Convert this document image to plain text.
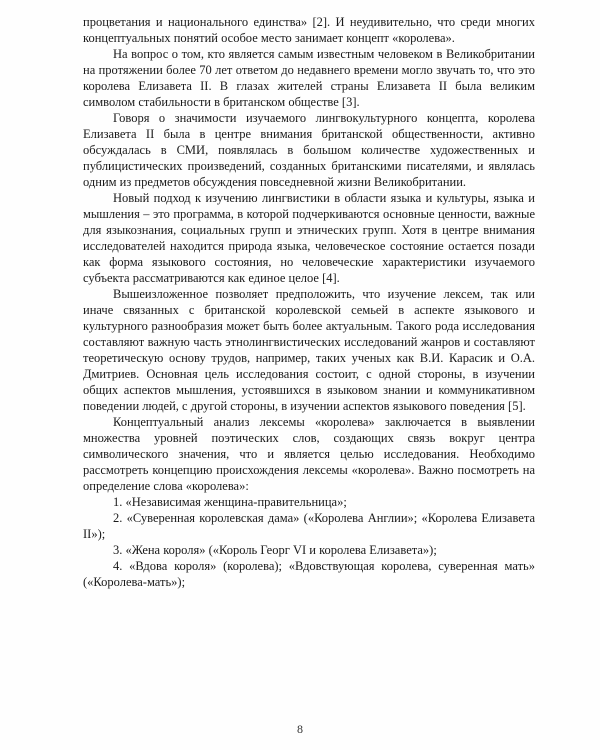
процветания и национального единства» [2]. И неудивительно, что среди многих концептуальных понятий особое место занимает концепт «королева».

На вопрос о том, кто является самым известным человеком в Великобритании на протяжении более 70 лет ответом до недавнего времени могло звучать то, что это королева Елизавета II. В глазах жителей страны Елизавета II была великим символом стабильности в британском обществе [3].

Говоря о значимости изучаемого лингвокультурного концепта, королева Елизавета II была в центре внимания британской общественности, активно обсуждалась в СМИ, появлялась в большом количестве художественных и публицистических произведений, созданных британскими писателями, и являлась одним из предметов обсуждения повседневной жизни Великобритании.

Новый подход к изучению лингвистики в области языка и культуры, языка и мышления – это программа, в которой подчеркиваются основные ценности, важные для языкознания, социальных групп и этнических групп. Хотя в центре внимания исследователей находится природа языка, человеческое состояние остается позади как форма языкового состояния, но человеческие характеристики изучаемого субъекта рассматриваются как единое целое [4].

Вышеизложенное позволяет предположить, что изучение лексем, так или иначе связанных с британской королевской семьей в аспекте языкового и культурного разнообразия может быть более актуальным. Такого рода исследования составляют важную часть этнолингвистических исследований жанров и составляют теоретическую основу трудов, например, таких ученых как В.И. Карасик и О.А. Дмитриев. Основная цель исследования состоит, с одной стороны, в изучении общих аспектов мышления, устоявшихся в языковом знании и коммуникативном поведении людей, с другой стороны, в изучении аспектов языкового поведения [5].

Концептуальный анализ лексемы «королева» заключается в выявлении множества уровней поэтических слов, создающих связь вокруг центра символического значения, что и является целью исследования. Необходимо рассмотреть концепцию происхождения лексемы «королева». Важно посмотреть на определение слова «королева»:

1. «Независимая женщина-правительница»;

2. «Суверенная королевская дама» («Королева Англии»; «Королева Елизавета II»);

3. «Жена короля» («Король Георг VI и королева Елизавета»);

4. «Вдова короля» (королева); «Вдовствующая королева, суверенная мать» («Королева-мать»);

8
